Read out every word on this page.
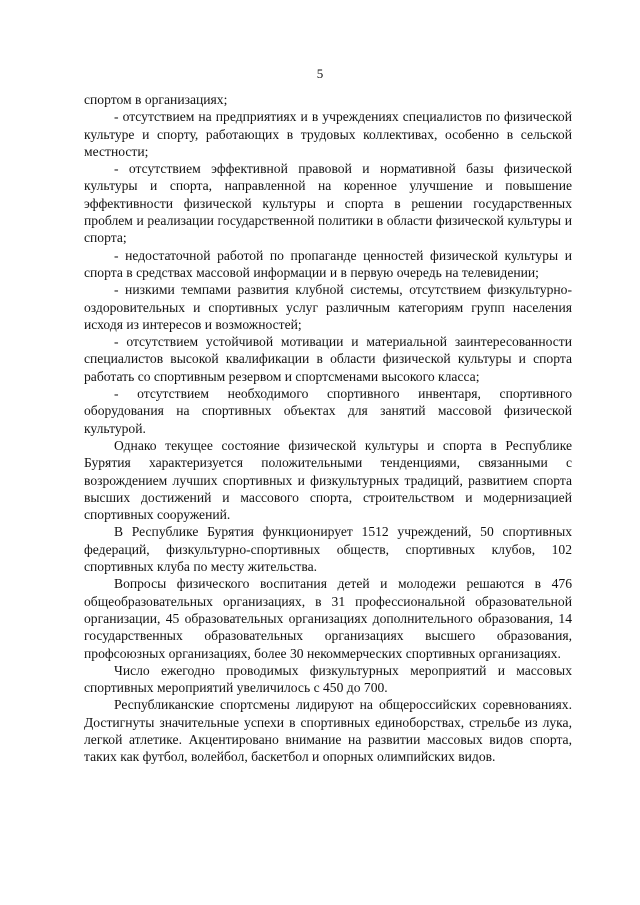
5

спортом в организациях;

- отсутствием на предприятиях и в учреждениях специалистов по физической культуре и спорту, работающих в трудовых коллективах, особенно в сельской местности;

- отсутствием эффективной правовой и нормативной базы физической культуры и спорта, направленной на коренное улучшение и повышение эффективности физической культуры и спорта в решении государственных проблем и реализации государственной политики в области физической культуры и спорта;

- недостаточной работой по пропаганде ценностей физической культуры и спорта в средствах массовой информации и в первую очередь на телевидении;

- низкими темпами развития клубной системы, отсутствием физкультурно-оздоровительных и спортивных услуг различным категориям групп населения исходя из интересов и возможностей;

- отсутствием устойчивой мотивации и материальной заинтересованности специалистов высокой квалификации в области физической культуры и спорта работать со спортивным резервом и спортсменами высокого класса;

- отсутствием необходимого спортивного инвентаря, спортивного оборудования на спортивных объектах для занятий массовой физической культурой.

Однако текущее состояние физической культуры и спорта в Республике Бурятия характеризуется положительными тенденциями, связанными с возрождением лучших спортивных и физкультурных традиций, развитием спорта высших достижений и массового спорта, строительством и модернизацией спортивных сооружений.

В Республике Бурятия функционирует 1512 учреждений, 50 спортивных федераций, физкультурно-спортивных обществ, спортивных клубов, 102 спортивных клуба по месту жительства.

Вопросы физического воспитания детей и молодежи решаются в 476 общеобразовательных организациях, в 31 профессиональной образовательной организации, 45 образовательных организациях дополнительного образования, 14 государственных образовательных организациях высшего образования, профсоюзных организациях, более 30 некоммерческих спортивных организациях.

Число ежегодно проводимых физкультурных мероприятий и массовых спортивных мероприятий увеличилось с 450 до 700.

Республиканские спортсмены лидируют на общероссийских соревнованиях. Достигнуты значительные успехи в спортивных единоборствах, стрельбе из лука, легкой атлетике. Акцентировано внимание на развитии массовых видов спорта, таких как футбол, волейбол, баскетбол и опорных олимпийских видов.
